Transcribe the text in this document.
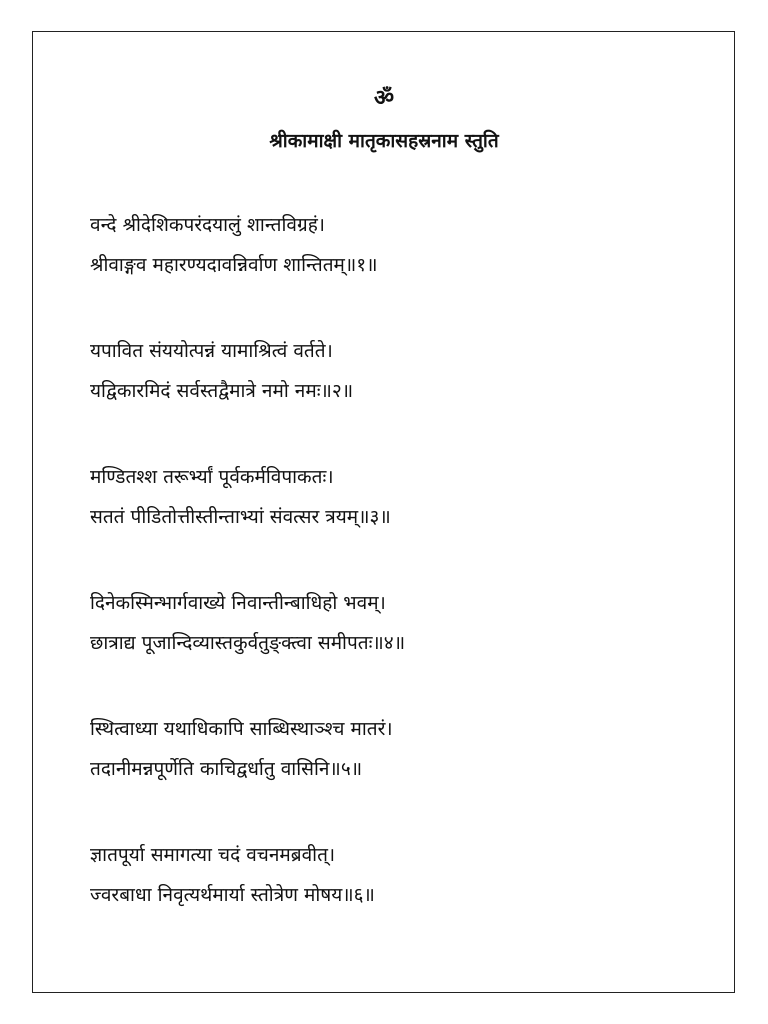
ॐ
श्रीकामाक्षी मातृकासहस्रनाम स्तुति
वन्दे श्रीदेशिकपरंदयालुं शान्तविग्रहं।
श्रीवाङ्गव महारण्यदावन्निर्वाण शान्तितम्॥१॥
यपावित संययोत्पन्नं यामाश्रित्वं वर्तते।
यद्विकारमिदं सर्वस्तद्वैमात्रे नमो नमः॥२॥
मण्डितश्श तरूर्भ्यां पूर्वकर्मविपाकतः।
सततं पीडितोत्तीस्तीन्ताभ्यां संवत्सर त्रयम्॥३॥
दिनेकस्मिन्भार्गवाख्ये निवान्तीन्बाधिहो भवम्।
छात्राद्य पूजान्दिव्यास्तकुर्वतुङ्क्त्वा समीपतः॥४॥
स्थित्वाध्या यथाधिकापि साब्धिस्थाञ्श्च मातरं।
तदानीमन्नपूर्णेति काचिद्वर्धातु वासिनि॥५॥
ज्ञातपूर्या समागत्या चदं वचनमब्रवीत्।
ज्वरबाधा निवृत्यर्थमार्या स्तोत्रेण मोषय॥६॥
